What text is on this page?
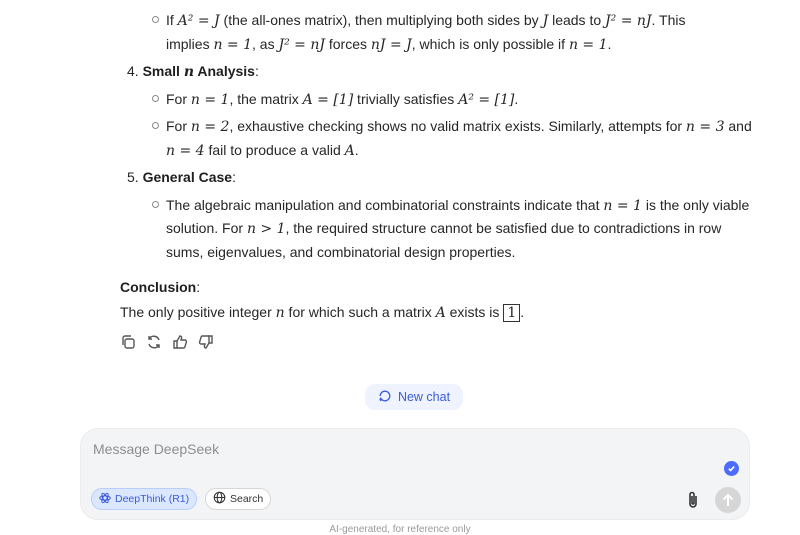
If A² = J (the all-ones matrix), then multiplying both sides by J leads to J² = nJ. This
implies n = 1, as J² = nJ forces nJ = J, which is only possible if n = 1.
4. Small n Analysis:
For n = 1, the matrix A = [1] trivially satisfies A² = [1].
For n = 2, exhaustive checking shows no valid matrix exists. Similarly, attempts for n = 3 and
n = 4 fail to produce a valid A.
5. General Case:
The algebraic manipulation and combinatorial constraints indicate that n = 1 is the only viable
solution. For n > 1, the required structure cannot be satisfied due to contradictions in row
sums, eigenvalues, and combinatorial design properties.
Conclusion:
The only positive integer n for which such a matrix A exists is 1 .
New chat
Message DeepSeek
DeepThink (R1)	Search
AI-generated, for reference only
